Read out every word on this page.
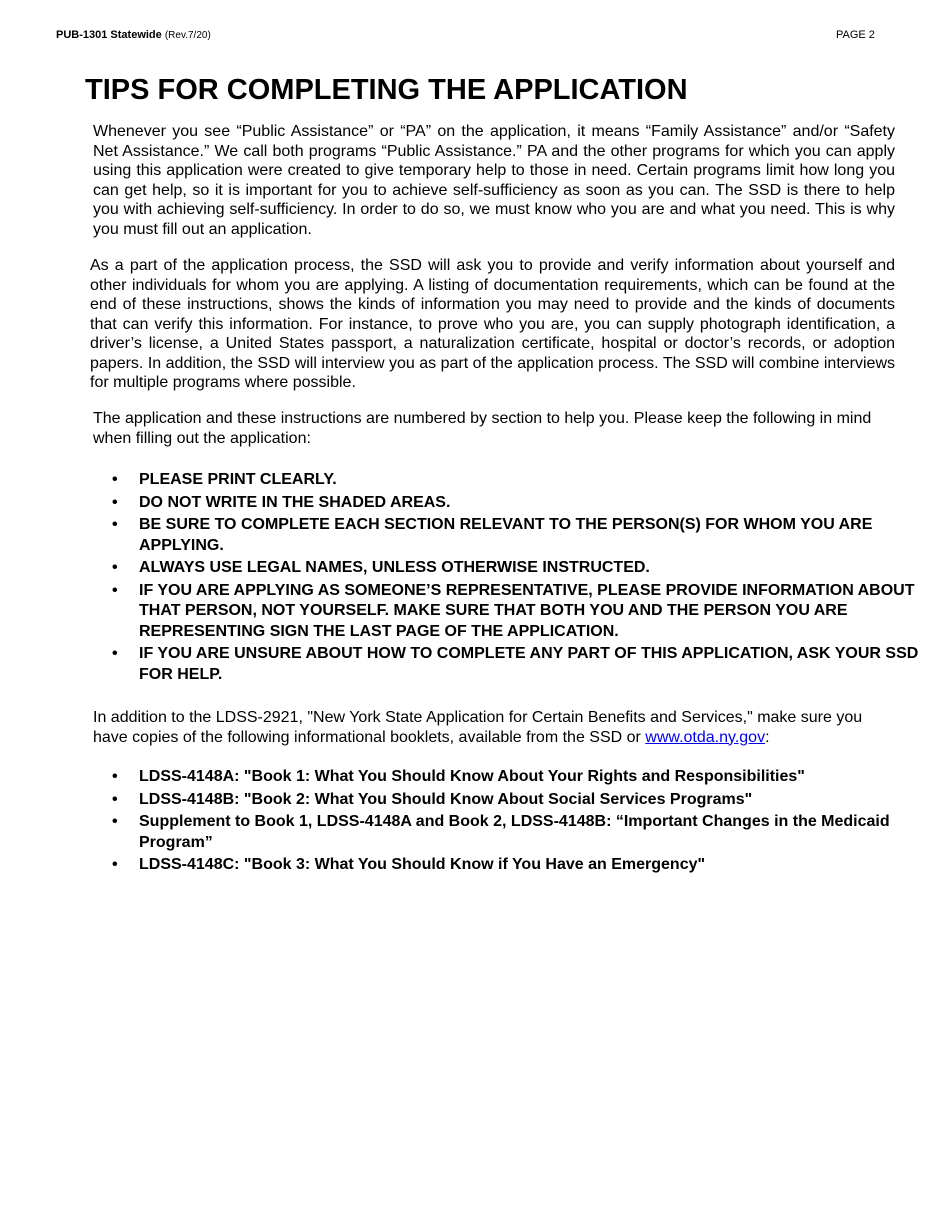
PUB-1301 Statewide (Rev.7/20)	PAGE 2
TIPS FOR COMPLETING THE APPLICATION

Whenever you see “Public Assistance” or “PA” on the application, it means “Family Assistance” and/or “Safety Net Assistance.” We call both programs “Public Assistance.” PA and the other programs for which you can apply using this application were created to give temporary help to those in need. Certain programs limit how long you can get help, so it is important for you to achieve self-sufficiency as soon as you can. The SSD is there to help you with achieving self-sufficiency. In order to do so, we must know who you are and what you need. This is why you must fill out an application.

As a part of the application process, the SSD will ask you to provide and verify information about yourself and other individuals for whom you are applying. A listing of documentation requirements, which can be found at the end of these instructions, shows the kinds of information you may need to provide and the kinds of documents that can verify this information. For instance, to prove who you are, you can supply photograph identification, a driver’s license, a United States passport, a naturalization certificate, hospital or doctor’s records, or adoption papers. In addition, the SSD will interview you as part of the application process. The SSD will combine interviews for multiple programs where possible.

The application and these instructions are numbered by section to help you. Please keep the following in mind when filling out the application:

• PLEASE PRINT CLEARLY.
• DO NOT WRITE IN THE SHADED AREAS.
• BE SURE TO COMPLETE EACH SECTION RELEVANT TO THE PERSON(S) FOR WHOM YOU ARE APPLYING.
• ALWAYS USE LEGAL NAMES, UNLESS OTHERWISE INSTRUCTED.
• IF YOU ARE APPLYING AS SOMEONE’S REPRESENTATIVE, PLEASE PROVIDE INFORMATION ABOUT THAT PERSON, NOT YOURSELF. MAKE SURE THAT BOTH YOU AND THE PERSON YOU ARE REPRESENTING SIGN THE LAST PAGE OF THE APPLICATION.
• IF YOU ARE UNSURE ABOUT HOW TO COMPLETE ANY PART OF THIS APPLICATION, ASK YOUR SSD FOR HELP.

In addition to the LDSS-2921, "New York State Application for Certain Benefits and Services," make sure you have copies of the following informational booklets, available from the SSD or www.otda.ny.gov:

• LDSS-4148A: "Book 1: What You Should Know About Your Rights and Responsibilities"
• LDSS-4148B: "Book 2: What You Should Know About Social Services Programs"
• Supplement to Book 1, LDSS-4148A and Book 2, LDSS-4148B: “Important Changes in the Medicaid Program”
• LDSS-4148C: "Book 3: What You Should Know if You Have an Emergency"
